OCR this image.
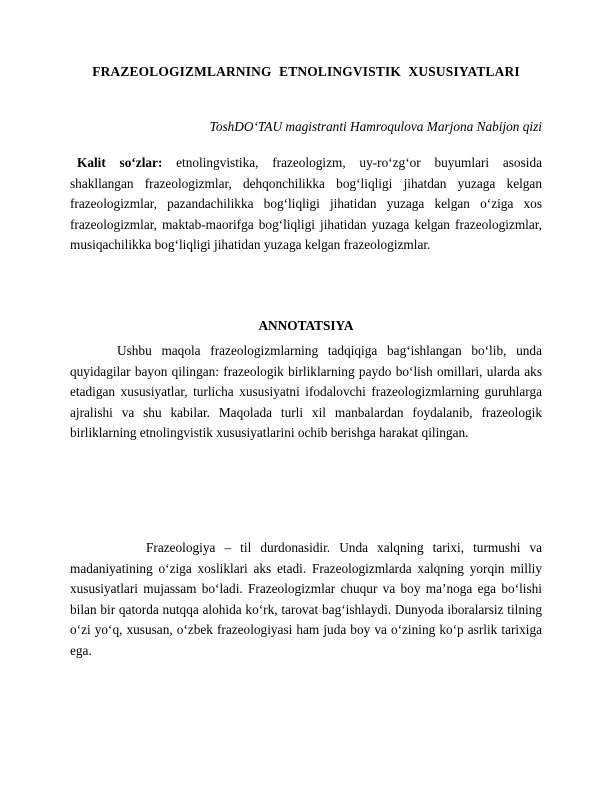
FRAZEOLOGIZMLARNING ETNOLINGVISTIK XUSUSIYATLARI
ToshDO‘TAU magistranti Hamroqulova Marjona Nabijon qizi
Kalit so‘zlar: etnolingvistika, frazeologizm, uy-ro‘zg‘or buyumlari asosida shakllangan frazeologizmlar, dehqonchilikka bog‘liqligi jihatdan yuzaga kelgan frazeologizmlar, pazandachilikka bog‘liqligi jihatidan yuzaga kelgan o‘ziga xos frazeologizmlar, maktab-maorifga bog‘liqligi jihatidan yuzaga kelgan frazeologizmlar, musiqachilikka bog‘liqligi jihatidan yuzaga kelgan frazeologizmlar.
ANNOTATSIYA
Ushbu maqola frazeologizmlarning tadqiqiga bag‘ishlangan bo‘lib, unda quyidagilar bayon qilingan: frazeologik birliklarning paydo bo‘lish omillari, ularda aks etadigan xususiyatlar, turlicha xususiyatni ifodalovchi frazeologizmlarning guruhlarga ajralishi va shu kabilar. Maqolada turli xil manbalardan foydalanib, frazeologik birliklarning etnolingvistik xususiyatlarini ochib berishga harakat qilingan.
Frazeologiya – til durdonasidir. Unda xalqning tarixi, turmushi va madaniyatining o‘ziga xosliklari aks etadi. Frazeologizmlarda xalqning yorqin milliy xususiyatlari mujassam bo‘ladi. Frazeologizmlar chuqur va boy ma’noga ega bo‘lishi bilan bir qatorda nutqqa alohida ko‘rk, tarovat bag‘ishlaydi. Dunyoda iboralarsiz tilning o‘zi yo‘q, xususan, o‘zbek frazeologiyasi ham juda boy va o‘zining ko‘p asrlik tarixiga ega.
